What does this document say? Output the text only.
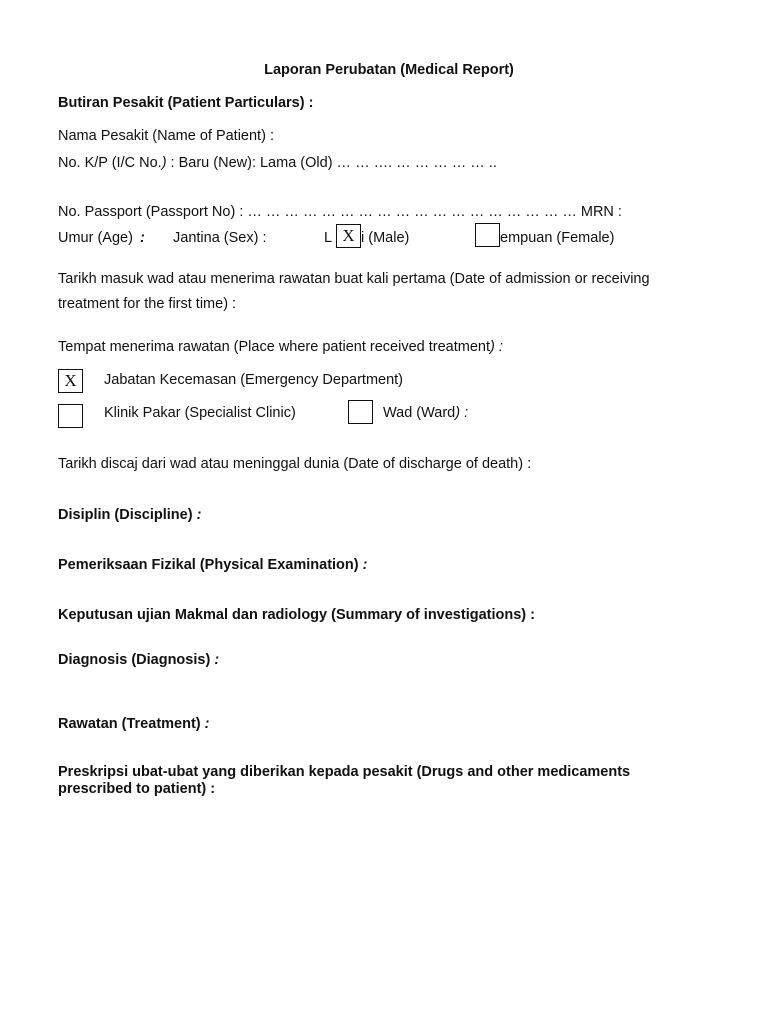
Laporan Perubatan (Medical Report)
Butiran Pesakit (Patient Particulars) :
Nama Pesakit (Name of Patient) :
No. K/P (I/C No.) : Baru (New): Lama (Old) … … …. … … … … … ..
No. Passport (Passport No) : … … … … … … … … … … … … … … … … … … MRN :
Umur (Age) : Jantina (Sex) :	L X i (Male)	empuan (Female)
Tarikh masuk wad atau menerima rawatan buat kali pertama (Date of admission or receiving
treatment for the first time) :
Tempat menerima rawatan (Place where patient received treatment) :
X	Jabatan Kecemasan (Emergency Department)
Klinik Pakar (Specialist Clinic)	Wad (Ward) :
Tarikh discaj dari wad atau meninggal dunia (Date of discharge of death) :
Disiplin (Discipline) :
Pemeriksaan Fizikal (Physical Examination) :
Keputusan ujian Makmal dan radiology (Summary of investigations) :
Diagnosis (Diagnosis) :
Rawatan (Treatment) :
Preskripsi ubat-ubat yang diberikan kepada pesakit (Drugs and other medicaments
prescribed to patient) :
